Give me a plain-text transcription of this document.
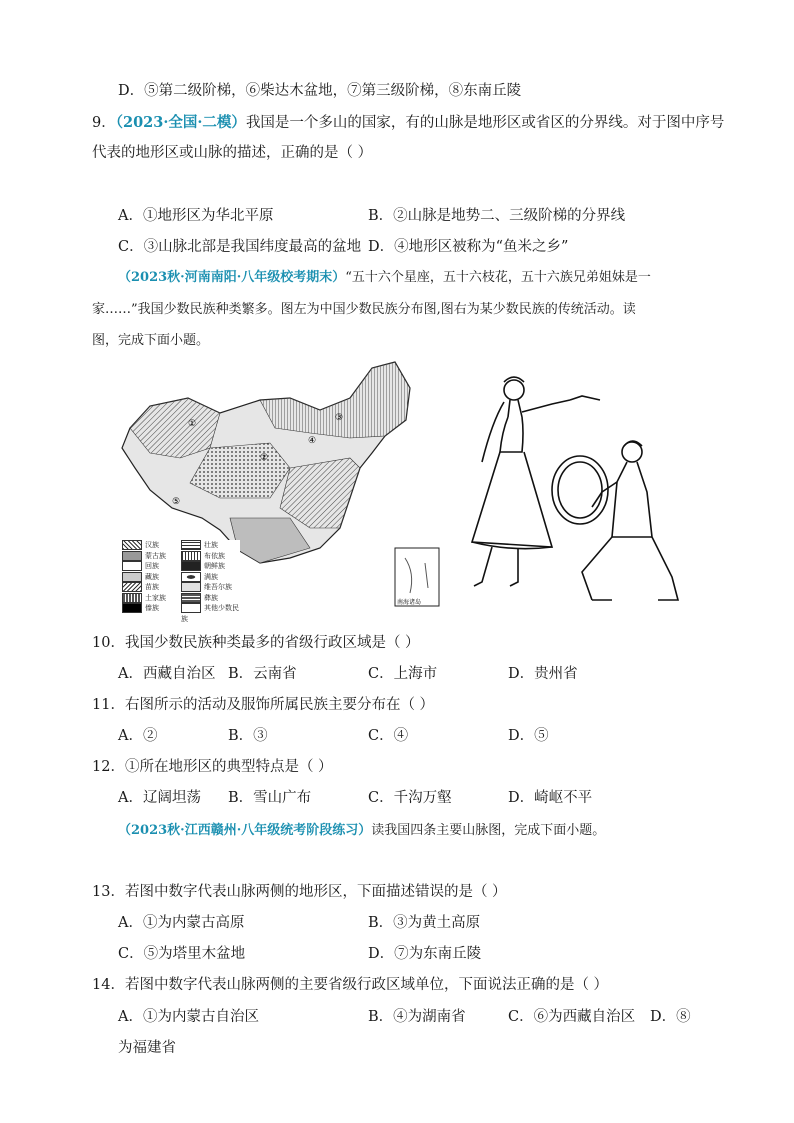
D．⑤第二级阶梯，⑥柴达木盆地，⑦第三级阶梯，⑧东南丘陵
9．（2023·全国·二模）我国是一个多山的国家，有的山脉是地形区或省区的分界线。对于图中序号
代表的地形区或山脉的描述，正确的是（ ）
A．①地形区为华北平原	B．②山脉是地势二、三级阶梯的分界线
C．③山脉北部是我国纬度最高的盆地 D．④地形区被称为“鱼米之乡”
（2023秋·河南南阳·八年级校考期末）“五十六个星座，五十六枝花，五十六族兄弟姐妹是一
家……”我国少数民族种类繁多。图左为中国少数民族分布图,图右为某少数民族的传统活动。读
图，完成下面小题。
①
②
③
④
⑤
南海诸岛
汉族	壮族
蒙古族	布依族
回族	朝鲜族
藏族	满族
苗族	维吾尔族
土家族	彝族
傣族	其他少数民族
10．我国少数民族种类最多的省级行政区域是（ ）
A．西藏自治区 B．云南省	C．上海市	D．贵州省
11．右图所示的活动及服饰所属民族主要分布在（ ）
A．②	B．③	C．④	D．⑤
12．①所在地形区的典型特点是（ ）
A．辽阔坦荡 B．雪山广布	C．千沟万壑	D．崎岖不平
（2023秋·江西赣州·八年级统考阶段练习）读我国四条主要山脉图，完成下面小题。
13．若图中数字代表山脉两侧的地形区，下面描述错误的是（ ）
A．①为内蒙古高原	B．③为黄土高原
C．⑤为塔里木盆地	D．⑦为东南丘陵
14．若图中数字代表山脉两侧的主要省级行政区域单位，下面说法正确的是（ ）
A．①为内蒙古自治区	B．④为湖南省	C．⑥为西藏自治区 D．⑧
为福建省
